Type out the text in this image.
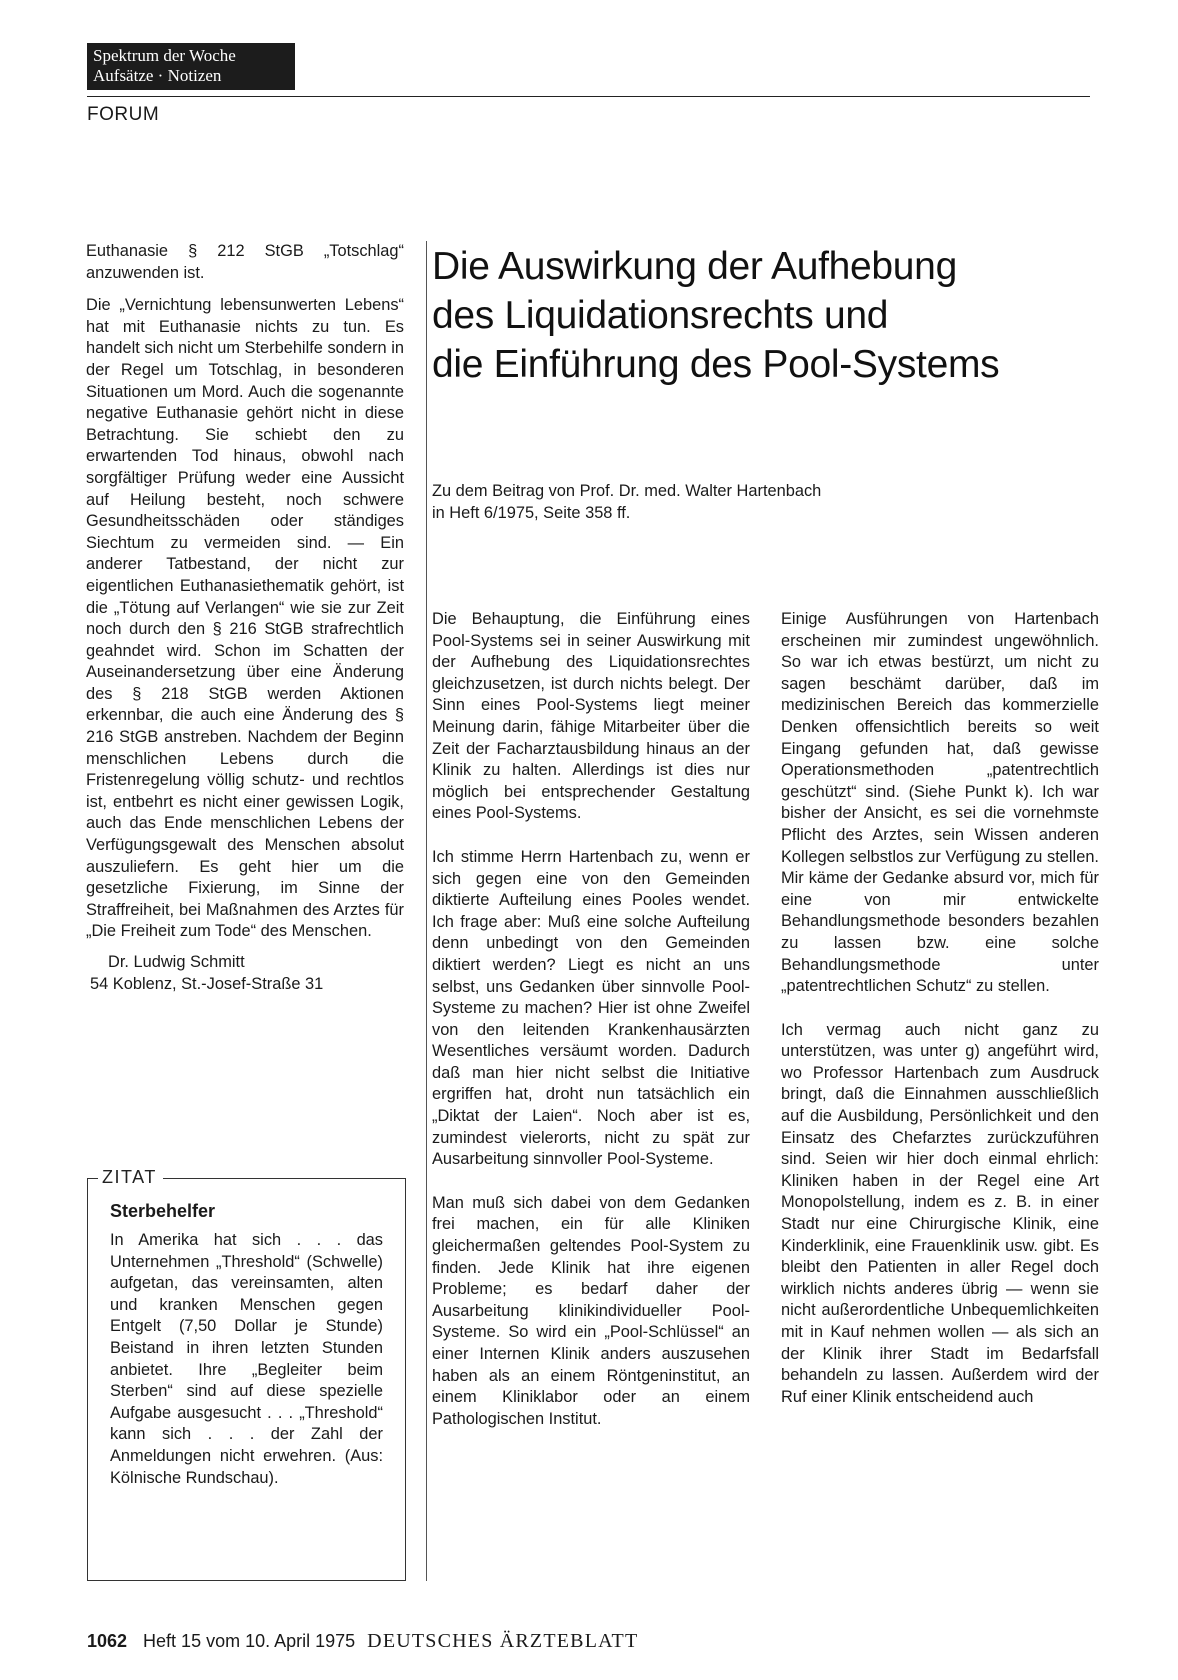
Spektrum der Woche
Aufsätze · Notizen
FORUM

Euthanasie § 212 StGB „Totschlag“ anzuwenden ist.

Die „Vernichtung lebensunwerten Lebens“ hat mit Euthanasie nichts zu tun. Es handelt sich nicht um Sterbehilfe sondern in der Regel um Totschlag, in besonderen Situationen um Mord. Auch die sogenannte negative Euthanasie gehört nicht in diese Betrachtung. Sie schiebt den zu erwartenden Tod hinaus, obwohl nach sorgfältiger Prüfung weder eine Aussicht auf Heilung besteht, noch schwere Gesundheitsschäden oder ständiges Siechtum zu vermeiden sind. — Ein anderer Tatbestand, der nicht zur eigentlichen Euthanasiethematik gehört, ist die „Tötung auf Verlangen“ wie sie zur Zeit noch durch den § 216 StGB strafrechtlich geahndet wird. Schon im Schatten der Auseinandersetzung über eine Änderung des § 218 StGB werden Aktionen erkennbar, die auch eine Änderung des § 216 StGB anstreben. Nachdem der Beginn menschlichen Lebens durch die Fristenregelung völlig schutz- und rechtlos ist, entbehrt es nicht einer gewissen Logik, auch das Ende menschlichen Lebens der Verfügungsgewalt des Menschen absolut auszuliefern. Es geht hier um die gesetzliche Fixierung, im Sinne der Straffreiheit, bei Maßnahmen des Arztes für „Die Freiheit zum Tode“ des Menschen.

Dr. Ludwig Schmitt
54 Koblenz, St.-Josef-Straße 31
ZITAT
Sterbehelfer

In Amerika hat sich . . . das Unternehmen „Threshold“ (Schwelle) aufgetan, das vereinsamten, alten und kranken Menschen gegen Entgelt (7,50 Dollar je Stunde) Beistand in ihren letzten Stunden anbietet. Ihre „Begleiter beim Sterben“ sind auf diese spezielle Aufgabe ausgesucht . . . „Threshold“ kann sich . . . der Zahl der Anmeldungen nicht erwehren. (Aus: Kölnische Rundschau).

Die Auswirkung der Aufhebung
des Liquidationsrechts und
die Einführung des Pool-Systems
Zu dem Beitrag von Prof. Dr. med. Walter Hartenbach
in Heft 6/1975, Seite 358 ff.

Die Behauptung, die Einführung eines Pool-Systems sei in seiner Auswirkung mit der Aufhebung des Liquidationsrechtes gleichzusetzen, ist durch nichts belegt. Der Sinn eines Pool-Systems liegt meiner Meinung darin, fähige Mitarbeiter über die Zeit der Facharztausbildung hinaus an der Klinik zu halten. Allerdings ist dies nur möglich bei entsprechender Gestaltung eines Pool-Systems.

Ich stimme Herrn Hartenbach zu, wenn er sich gegen eine von den Gemeinden diktierte Aufteilung eines Pooles wendet. Ich frage aber: Muß eine solche Aufteilung denn unbedingt von den Gemeinden diktiert werden? Liegt es nicht an uns selbst, uns Gedanken über sinnvolle Pool-Systeme zu machen? Hier ist ohne Zweifel von den leitenden Krankenhausärzten Wesentliches versäumt worden. Dadurch daß man hier nicht selbst die Initiative ergriffen hat, droht nun tatsächlich ein „Diktat der Laien“. Noch aber ist es, zumindest vielerorts, nicht zu spät zur Ausarbeitung sinnvoller Pool-Systeme.

Man muß sich dabei von dem Gedanken frei machen, ein für alle Kliniken gleichermaßen geltendes Pool-System zu finden. Jede Klinik hat ihre eigenen Probleme; es bedarf daher der Ausarbeitung klinikindividueller Pool-Systeme. So wird ein „Pool-Schlüssel“ an einer Internen Klinik anders auszusehen haben als an einem Röntgeninstitut, an einem Kliniklabor oder an einem Pathologischen Institut.

Einige Ausführungen von Hartenbach erscheinen mir zumindest ungewöhnlich. So war ich etwas bestürzt, um nicht zu sagen beschämt darüber, daß im medizinischen Bereich das kommerzielle Denken offensichtlich bereits so weit Eingang gefunden hat, daß gewisse Operationsmethoden „patentrechtlich geschützt“ sind. (Siehe Punkt k). Ich war bisher der Ansicht, es sei die vornehmste Pflicht des Arztes, sein Wissen anderen Kollegen selbstlos zur Verfügung zu stellen. Mir käme der Gedanke absurd vor, mich für eine von mir entwickelte Behandlungsmethode besonders bezahlen zu lassen bzw. eine solche Behandlungsmethode unter „patentrechtlichen Schutz“ zu stellen.

Ich vermag auch nicht ganz zu unterstützen, was unter g) angeführt wird, wo Professor Hartenbach zum Ausdruck bringt, daß die Einnahmen ausschließlich auf die Ausbildung, Persönlichkeit und den Einsatz des Chefarztes zurückzuführen sind. Seien wir hier doch einmal ehrlich: Kliniken haben in der Regel eine Art Monopolstellung, indem es z. B. in einer Stadt nur eine Chirurgische Klinik, eine Kinderklinik, eine Frauenklinik usw. gibt. Es bleibt den Patienten in aller Regel doch wirklich nichts anderes übrig — wenn sie nicht außerordentliche Unbequemlichkeiten mit in Kauf nehmen wollen — als sich an der Klinik ihrer Stadt im Bedarfsfall behandeln zu lassen. Außerdem wird der Ruf einer Klinik entscheidend auch

1062 Heft 15 vom 10. April 1975 DEUTSCHES ÄRZTEBLATT
